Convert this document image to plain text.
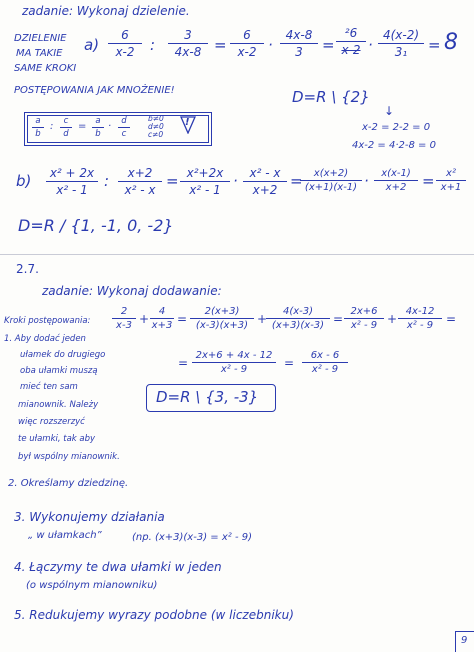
zadanie: Wykonaj dzielenie.
DZIELENIE
MA TAKIE
SAME KROKI
POSTĘPOWANIA JAK MNOŻENIE!
a)
6
x-2	:
3
4x-8 =
6
x-2 ·
4x-8
3	=
²6
x-2 ·
4(x-2)
3₁	= 8
D=R \ {2}
↓
x-2 = 2-2 = 0
4x-2 = 4·2-8 = 0
a
b
:	c
d
=	a
b
·	d
c
b≠0
d≠0
c≠0
!
b)	x² + 2x
x² - 1	:	x+2
x² - x = x²+2x
x² - 1 · x² - x
x+2 =	x(x+2)
(x+1)(x-1) ·	x(x-1)
x+2	=	x²
x+1
D=R / {1, -1, 0, -2}
2.7.
zadanie: Wykonaj dodawanie:
Kroki postępowania:
1. Aby dodać jeden
ułamek do drugiego
oba ułamki muszą
mieć ten sam
mianownik. Należy
więc rozszerzyć
te ułamki, tak aby
był wspólny mianownik.
2
x-3 +
4
x+3 =
2(x+3)
(x-3)(x+3) +
4(x-3)
(x+3)(x-3) =
2x+6
x² - 9 +
4x-12
x² - 9	=
=
2x+6 + 4x - 12
x² - 9	=
6x - 6
x² - 9
D=R \ {3, -3}
2. Określamy dziedzinę.
3. Wykonujemy działania
„ w ułamkach”	(np. (x+3)(x-3) = x² - 9)
4. Łączymy te dwa ułamki w jeden
(o wspólnym mianowniku)
5. Redukujemy wyrazy podobne (w liczebniku)
9
